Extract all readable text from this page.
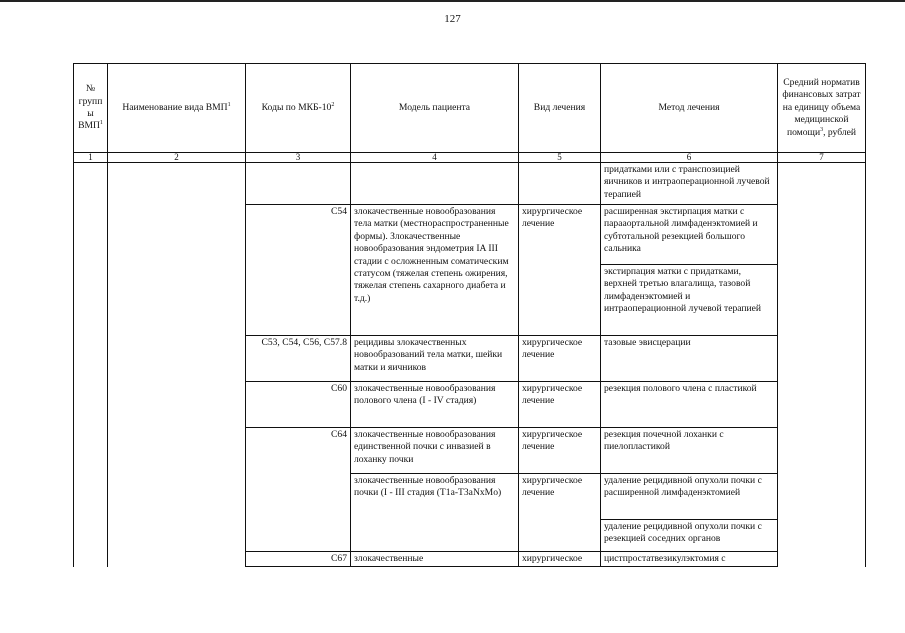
127
№ группы ВМП$^1$	Наименование вида ВМП$^1$	Коды по МКБ-$10^2$	Модель пациента	Вид лечения	Метод лечения	Средний норматив финансовых затрат на единицу объема медицинской помощи$^3$, рублей
1	2	3	4	5	6	7
					придатками или с транспозицией яичников и интраоперационной лучевой терапией	
		C54	злокачественные новообразования тела матки (местнораспространенные формы). Злокачественные новообразования эндометрия IA III стадии с осложненным соматическим статусом (тяжелая степень ожирения, тяжелая степень сахарного диабета и т.д.)	хирургическое лечение	расширенная экстирпация матки с парааортальной лимфаденэктомией и субтотальной резекцией большого сальника	
					экстирпация матки с придатками, верхней третью влагалища, тазовой лимфаденэктомией и интраоперационной лучевой терапией	
		C53, C54, C56, C57.8	рецидивы злокачественных новообразований тела матки, шейки матки и яичников	хирургическое лечение	тазовые эвисцерации	
		C60	злокачественные новообразования полового члена (I - IV стадия)	хирургическое лечение	резекция полового члена с пластикой	
		C64	злокачественные новообразования единственной почки с инвазией в лоханку почки	хирургическое лечение	резекция почечной лоханки с пиелопластикой	
			злокачественные новообразования почки (I - III стадия (T1a-T3aNxMo)	хирургическое лечение	удаление рецидивной опухоли почки с расширенной лимфаденэктомией	
					удаление рецидивной опухоли почки с резекцией соседних органов	
		C67	злокачественные	хирургическое	цистпростатвезикулэктомия с	
